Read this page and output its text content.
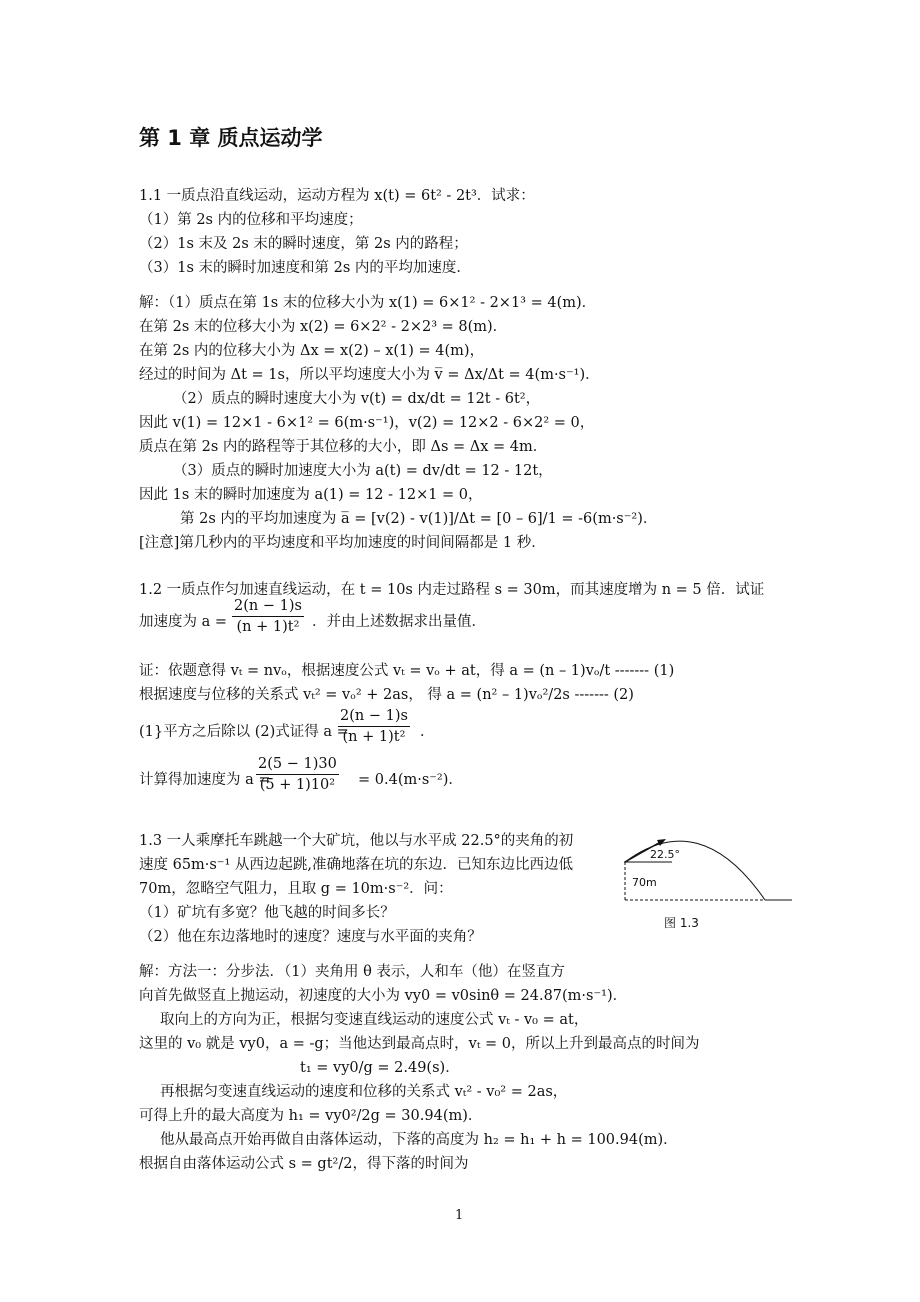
第 1 章 质点运动学
1.1 一质点沿直线运动，运动方程为 x(t) = 6t² - 2t³．试求：
（1）第 2s 内的位移和平均速度；
（2）1s 末及 2s 末的瞬时速度，第 2s 内的路程；
（3）1s 末的瞬时加速度和第 2s 内的平均加速度．
解：（1）质点在第 1s 末的位移大小为 x(1) = 6×1² - 2×1³ = 4(m)．
在第 2s 末的位移大小为 x(2) = 6×2² - 2×2³ = 8(m)．
在第 2s 内的位移大小为 Δx = x(2) – x(1) = 4(m)，
经过的时间为 Δt = 1s，所以平均速度大小为 v̅ = Δx/Δt = 4(m·s⁻¹)．
（2）质点的瞬时速度大小为 v(t) = dx/dt = 12t - 6t²，
因此 v(1) = 12×1 - 6×1² = 6(m·s⁻¹)，v(2) = 12×2 - 6×2² = 0，
质点在第 2s 内的路程等于其位移的大小，即 Δs = Δx = 4m．
（3）质点的瞬时加速度大小为 a(t) = dv/dt = 12 - 12t，
因此 1s 末的瞬时加速度为 a(1) = 12 - 12×1 = 0，
第 2s 内的平均加速度为 a̅ = [v(2) - v(1)]/Δt = [0 – 6]/1 = -6(m·s⁻²)．
[注意]第几秒内的平均速度和平均加速度的时间间隔都是 1 秒．
1.2 一质点作匀加速直线运动，在 t = 10s 内走过路程 s = 30m，而其速度增为 n = 5 倍．试证
加速度为 a =
2(n − 1)s
(n + 1)t² ．并由上述数据求出量值．
证：依题意得 vₜ = nvₒ，根据速度公式 vₜ = vₒ + at，得 a = (n – 1)vₒ/t ------- (1)
根据速度与位移的关系式 vₜ² = vₒ² + 2as， 得 a = (n² – 1)vₒ²/2s ------- (2)
(1}平方之后除以 (2)式证得 a =
2(n − 1)s
(n + 1)t²	．
计算得加速度为 a =
2(5 − 1)30
(5 + 1)10² = 0.4(m·s⁻²)．
1.3 一人乘摩托车跳越一个大矿坑，他以与水平成 22.5°的夹角的初
速度 65m·s⁻¹ 从西边起跳,准确地落在坑的东边．已知东边比西边低
70m，忽略空气阻力，且取 g = 10m·s⁻²．问：
（1）矿坑有多宽？他飞越的时间多长？
（2）他在东边落地时的速度？速度与水平面的夹角？
22.5°
70m
图 1.3
解：方法一：分步法．（1）夹角用 θ 表示，人和车（他）在竖直方
向首先做竖直上抛运动，初速度的大小为 vy0 = v0sinθ = 24.87(m·s⁻¹)．
取向上的方向为正，根据匀变速直线运动的速度公式 vₜ - v₀ = at，
这里的 v₀ 就是 vy0，a = -g；当他达到最高点时，vₜ = 0，所以上升到最高点的时间为
t₁ = vy0/g = 2.49(s)．
再根据匀变速直线运动的速度和位移的关系式 vₜ² - v₀² = 2as，
可得上升的最大高度为 h₁ = vy0²/2g = 30.94(m)．
他从最高点开始再做自由落体运动，下落的高度为 h₂ = h₁ + h = 100.94(m)．
根据自由落体运动公式 s = gt²/2，得下落的时间为
1
